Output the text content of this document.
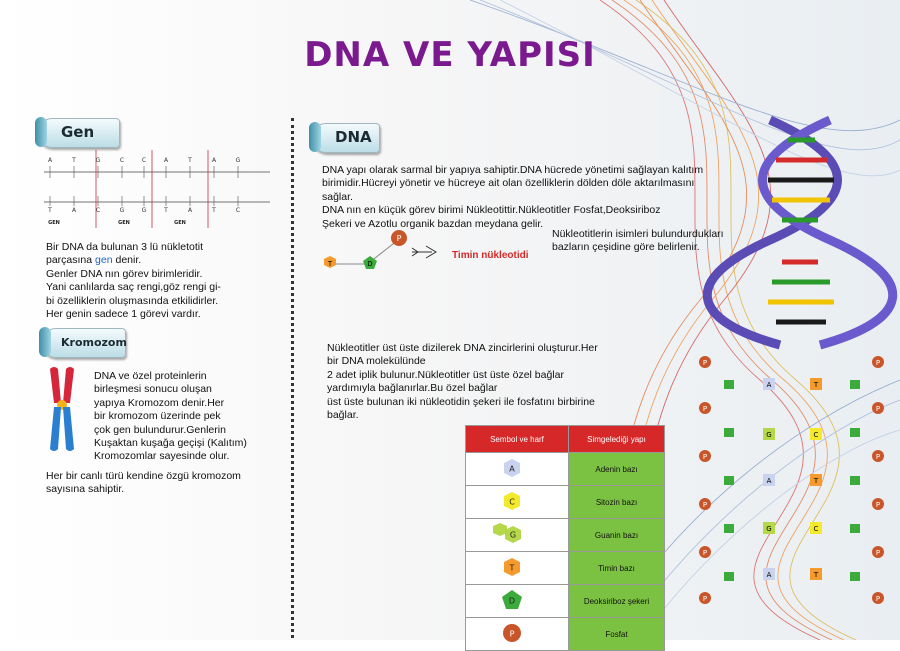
P
P
P
P
P
P
P
P
P
P
P
P
A	T
G	C
A	T
G	C
A	T
DNA VE YAPISI
Gen
A	T	G	C	C	A	T	A	G
T	A	C	G	G	T	A	T	C
GEN	GEN	GEN

Bir DNA da bulunan 3 lü nükletotit

parçasına gen denir.

Genler DNA nın görev birimleridir.

Yani canlılarda saç rengi,göz rengi gi-

bi özelliklerin oluşmasında etkilidirler.

Her genin sadece 1 görevi vardır.

Kromozom

DNA ve özel proteinlerin

birleşmesi sonucu oluşan

yapıya Kromozom denir.Her

bir kromozom üzerinde pek

çok gen bulundurur.Genlerin

Kuşaktan kuşağa geçişi (Kalıtım)

Kromozomlar sayesinde olur.

Her bir canlı türü kendine özgü kromozom

sayısına sahiptir.

DNA

DNA yapı olarak sarmal bir yapıya sahiptir.DNA hücrede yönetimi sağlayan kalıtım

birimidir.Hücreyi yönetir ve hücreye ait olan özelliklerin dölden döle aktarılmasını

sağlar.

DNA nın en küçük görev birimi Nükleotittir.Nükleotitler Fosfat,Deoksiriboz

Şekeri ve Azotlu organik bazdan meydana gelir.

Nükleotitlerin isimleri bulundurdukları

bazların çeşidine göre belirlenir.

P
D
T
Timin nükleotidi

Nükleotitler üst üste dizilerek DNA zincirlerini oluşturur.Her

bir DNA molekülünde

2 adet iplik bulunur.Nükleotitler üst üste özel bağlar

yardımıyla bağlanırlar.Bu özel bağlar

üst üste bulunan iki nükleotidin şekeri ile fosfatını birbirine

bağlar.

Sembol ve harf	Simgelediği yapı

A	Adenin bazı

C	Sitozin bazı

G	Guanin bazı

T	Timin bazı

D	Deoksiriboz şekeri

P	Fosfat
